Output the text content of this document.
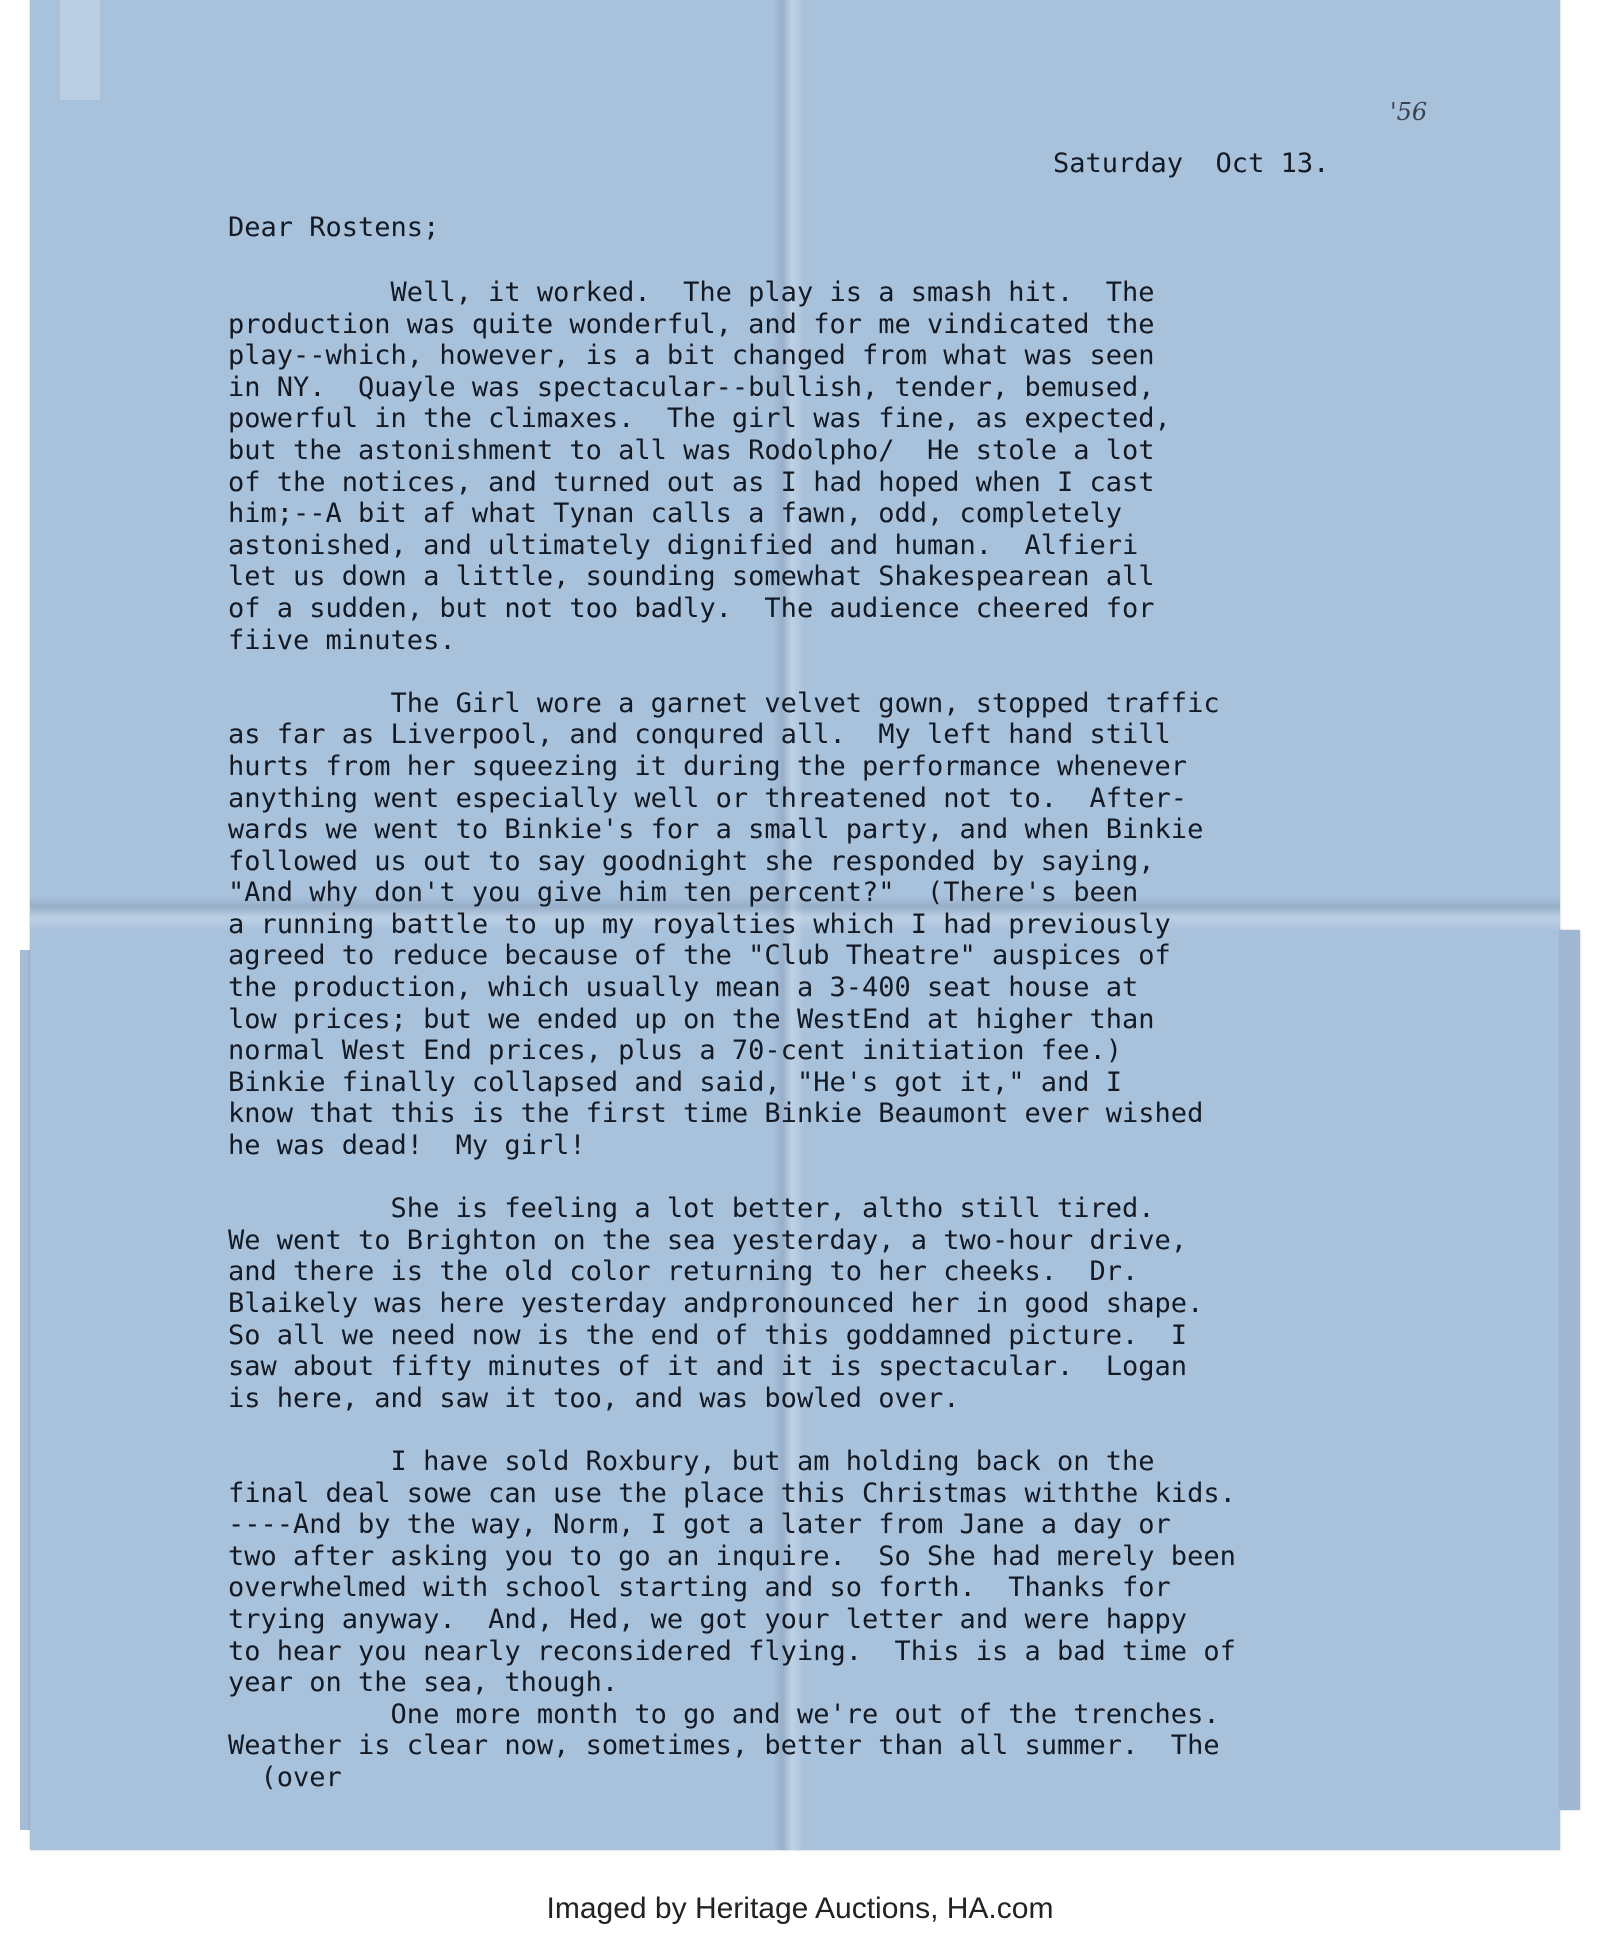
'56

Saturday  Oct 13.

Dear Rostens;

Well, it worked.  The play is a smash hit.  The
production was quite wonderful, and for me vindicated the
play--which, however, is a bit changed from what was seen
in NY.  Quayle was spectacular--bullish, tender, bemused,
powerful in the climaxes.  The girl was fine, as expected,
but the astonishment to all was Rodolpho/  He stole a lot
of the notices, and turned out as I had hoped when I cast
him;--A bit af what Tynan calls a fawn, odd, completely
astonished, and ultimately dignified and human.  Alfieri
let us down a little, sounding somewhat Shakespearean all
of a sudden, but not too badly.  The audience cheered for
fiive minutes.

The Girl wore a garnet velvet gown, stopped traffic
as far as Liverpool, and conqured all.  My left hand still
hurts from her squeezing it during the performance whenever
anything went especially well or threatened not to.  After-
wards we went to Binkie's for a small party, and when Binkie
followed us out to say goodnight she responded by saying,
"And why don't you give him ten percent?"  (There's been
a running battle to up my royalties which I had previously
agreed to reduce because of the "Club Theatre" auspices of
the production, which usually mean a 3-400 seat house at
low prices; but we ended up on the WestEnd at higher than
normal West End prices, plus a 70-cent initiation fee.)
Binkie finally collapsed and said, "He's got it," and I
know that this is the first time Binkie Beaumont ever wished
he was dead!  My girl!

She is feeling a lot better, altho still tired.
We went to Brighton on the sea yesterday, a two-hour drive,
and there is the old color returning to her cheeks.  Dr.
Blaikely was here yesterday andpronounced her in good shape.
So all we need now is the end of this goddamned picture.  I
saw about fifty minutes of it and it is spectacular.  Logan
is here, and saw it too, and was bowled over.

I have sold Roxbury, but am holding back on the
final deal sowe can use the place this Christmas withthe kids.
----And by the way, Norm, I got a later from Jane a day or
two after asking you to go an inquire.  So She had merely been
overwhelmed with school starting and so forth.  Thanks for
trying anyway.  And, Hed, we got your letter and were happy
to hear you nearly reconsidered flying.  This is a bad time of
year on the sea, though.
One more month to go and we're out of the trenches.
Weather is clear now, sometimes, better than all summer.  The
(over
Imaged by Heritage Auctions, HA.com
